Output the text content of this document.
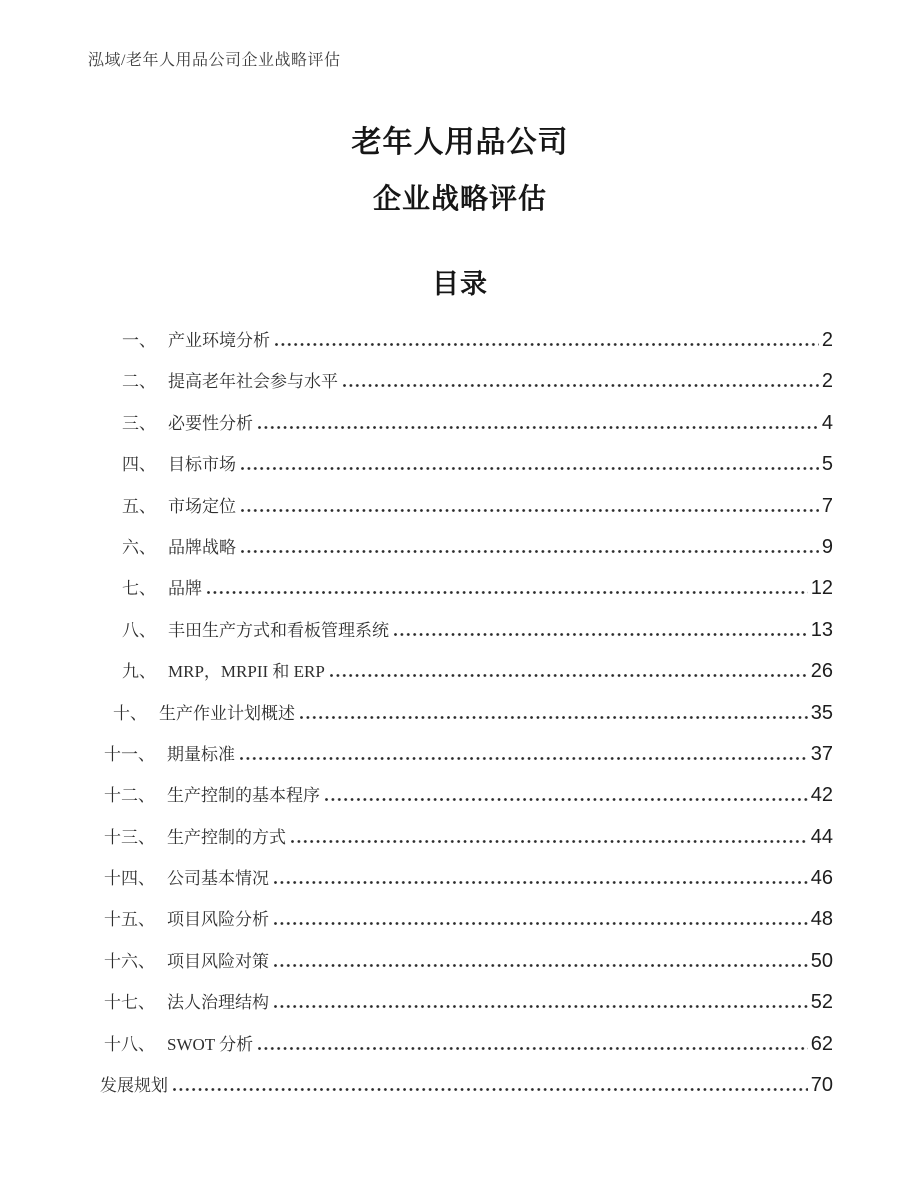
泓域/老年人用品公司企业战略评估
老年人用品公司
企业战略评估
目录
一、 产业环境分析	2
二、 提高老年社会参与水平	2
三、 必要性分析	4
四、 目标市场	5
五、 市场定位	7
六、 品牌战略	9
七、 品牌	12
八、 丰田生产方式和看板管理系统	13
九、 MRP，MRPII 和 ERP	26
十、 生产作业计划概述	35
十一、 期量标准	37
十二、 生产控制的基本程序	42
十三、 生产控制的方式	44
十四、 公司基本情况	46
十五、 项目风险分析	48
十六、 项目风险对策	50
十七、 法人治理结构	52
十八、 SWOT 分析	62
发展规划	70
